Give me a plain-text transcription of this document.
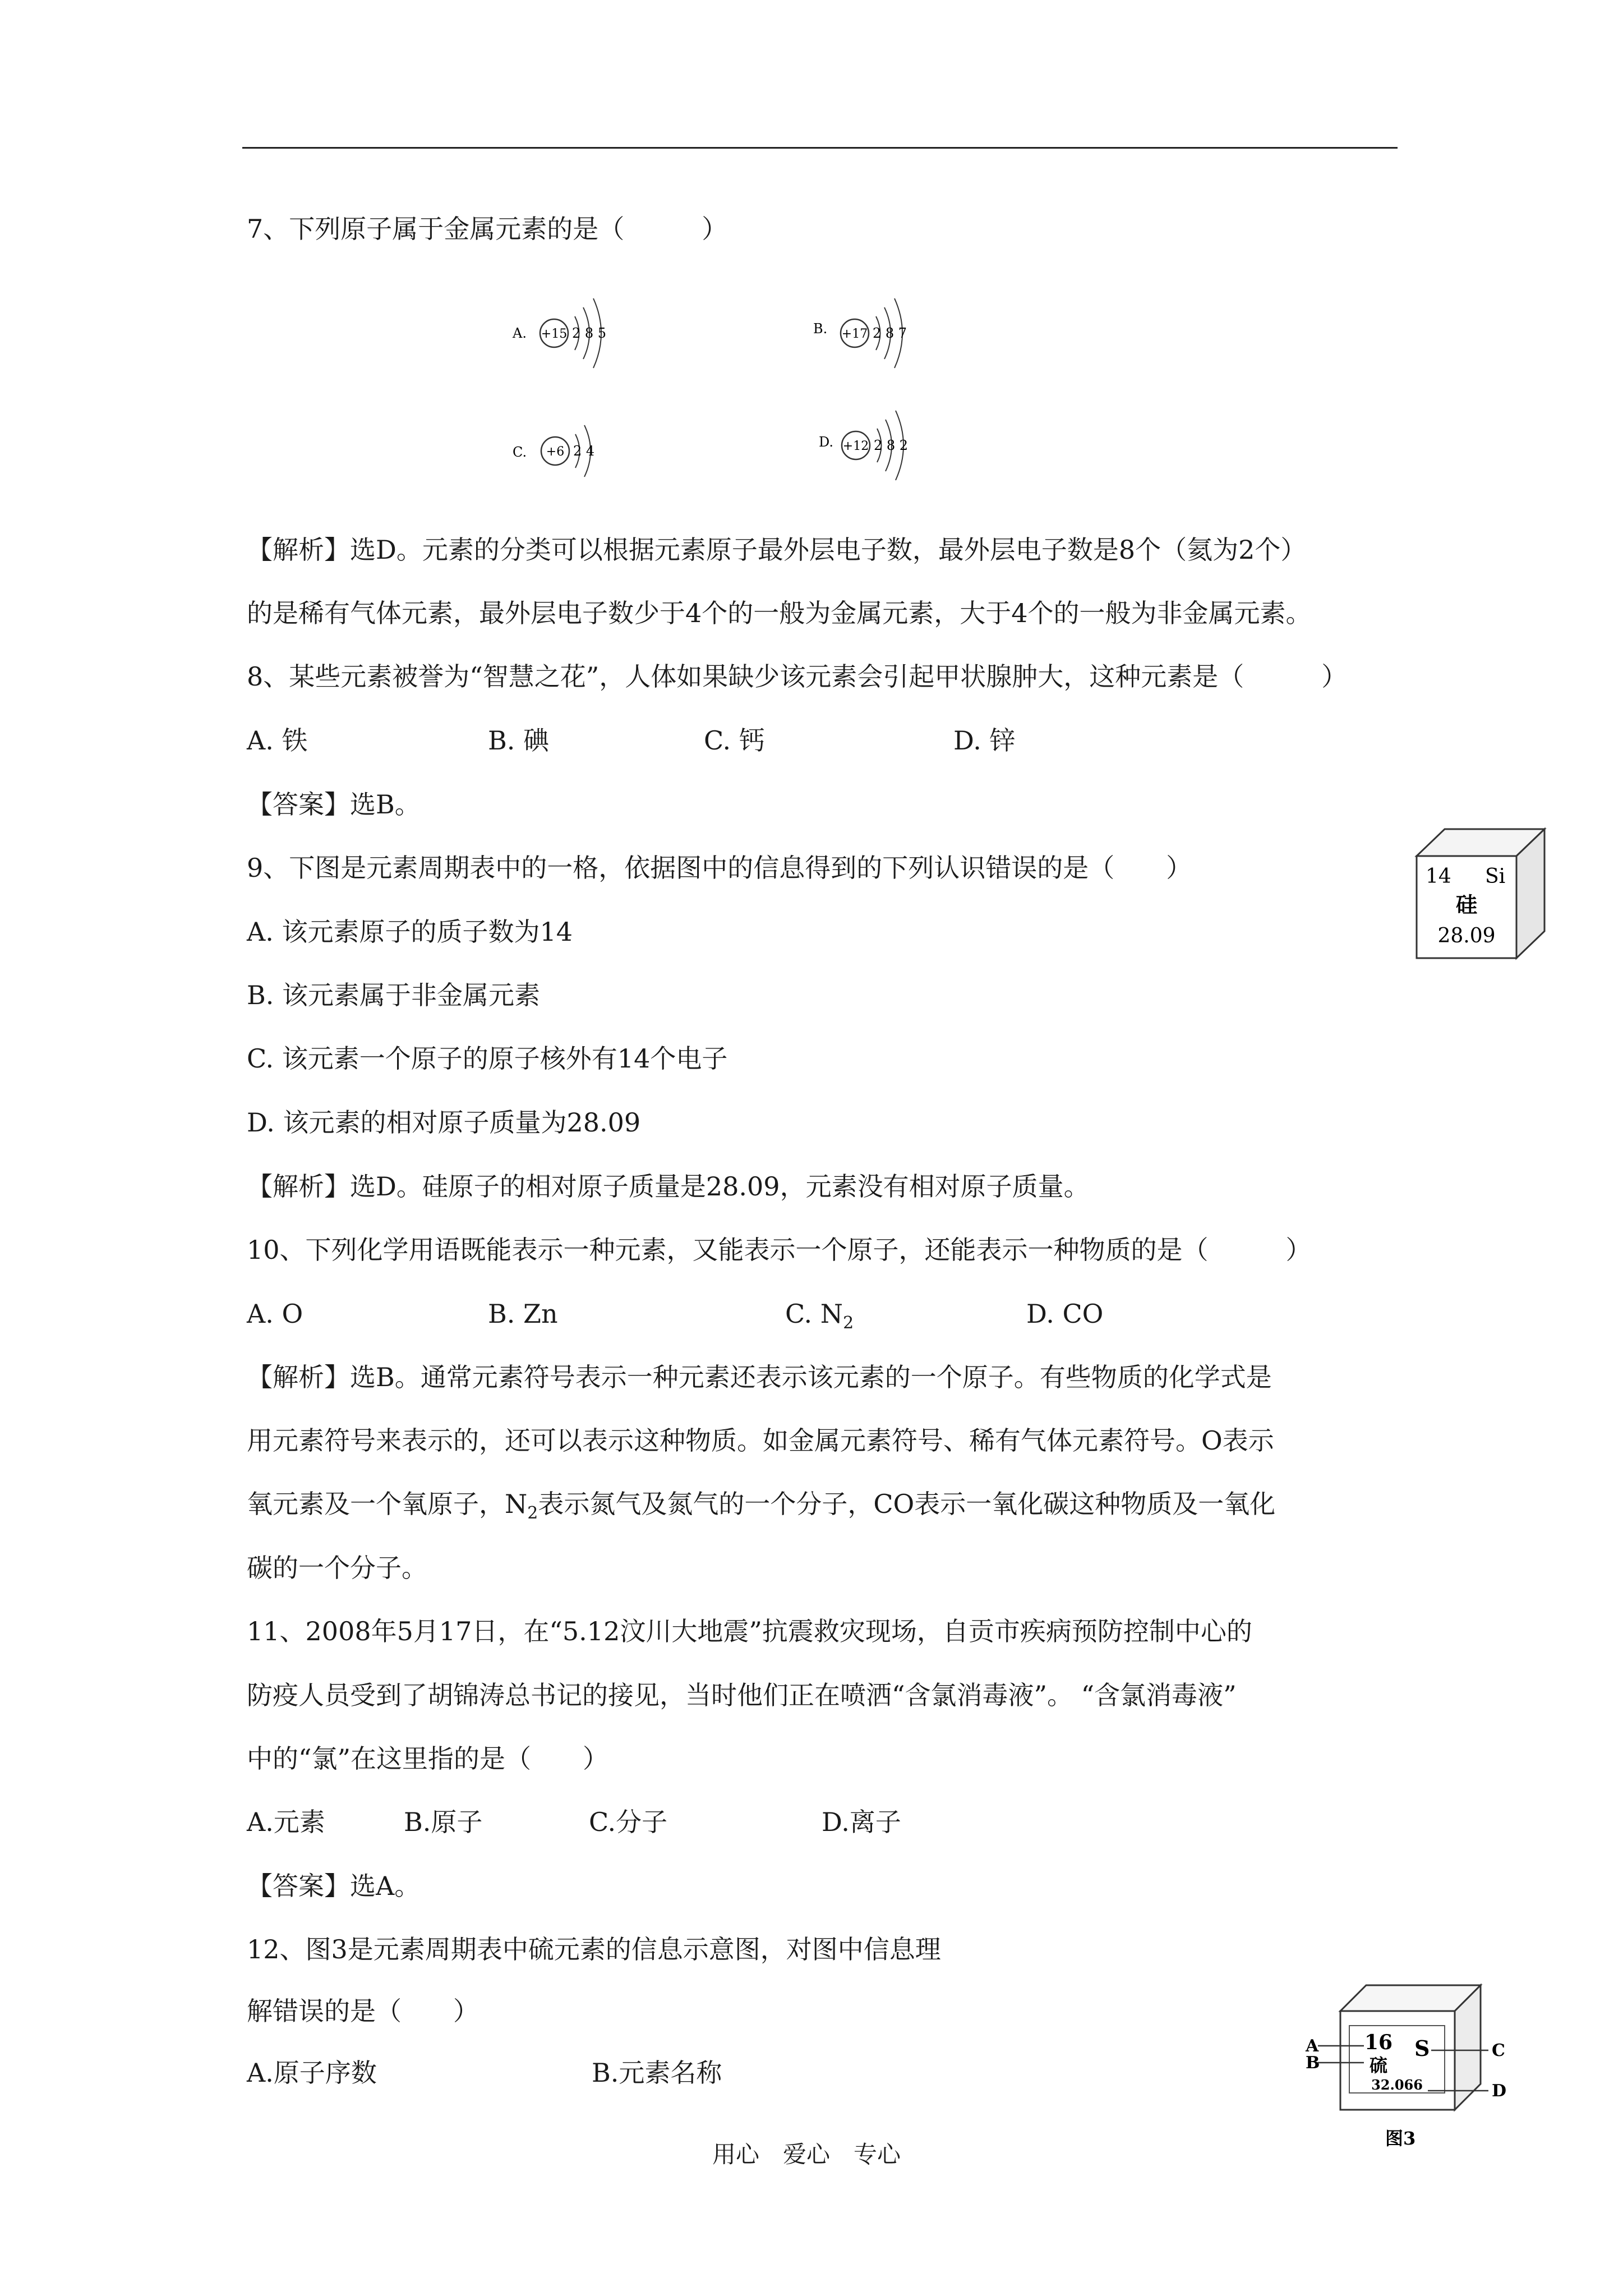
7、下列原子属于金属元素的是（　　　）
A. +15 2 8 5	B. +17 2 8 7
C. +6 2 4
D. +12 2 8 2
【解析】选D。元素的分类可以根据元素原子最外层电子数，最外层电子数是8个（氦为2个）
的是稀有气体元素，最外层电子数少于4个的一般为金属元素，大于4个的一般为非金属元素。
8、某些元素被誉为“智慧之花”，人体如果缺少该元素会引起甲状腺肿大，这种元素是（　　　）
A. 铁	B. 碘	C. 钙	D. 锌
【答案】选B。
9、下图是元素周期表中的一格，依据图中的信息得到的下列认识错误的是（　　）
A. 该元素原子的质子数为14
B. 该元素属于非金属元素
C. 该元素一个原子的原子核外有14个电子
D. 该元素的相对原子质量为28.09
【解析】选D。硅原子的相对原子质量是28.09，元素没有相对原子质量。
14 Si
硅
28.09
10、下列化学用语既能表示一种元素，又能表示一个原子，还能表示一种物质的是（　　　）
A. O	B. Zn	C. $N_2$	D. CO
【解析】选B。通常元素符号表示一种元素还表示该元素的一个原子。有些物质的化学式是
用元素符号来表示的，还可以表示这种物质。如金属元素符号、稀有气体元素符号。O表示
氧元素及一个氧原子，$N_2$表示氮气及氮气的一个分子，CO表示一氧化碳这种物质及一氧化
碳的一个分子。
11、2008年5月17日，在“5.12汶川大地震”抗震救灾现场，自贡市疾病预防控制中心的
防疫人员受到了胡锦涛总书记的接见，当时他们正在喷洒“含氯消毒液”。 “含氯消毒液”
中的“氯”在这里指的是（　　）
A.元素	B.原子	C.分子	D.离子
【答案】选A。
12、图3是元素周期表中硫元素的信息示意图，对图中信息理
解错误的是（　　）
A.原子序数	B.元素名称
16 S
硫
32.066
A
B
C
D
图3
用心　爱心　专心
